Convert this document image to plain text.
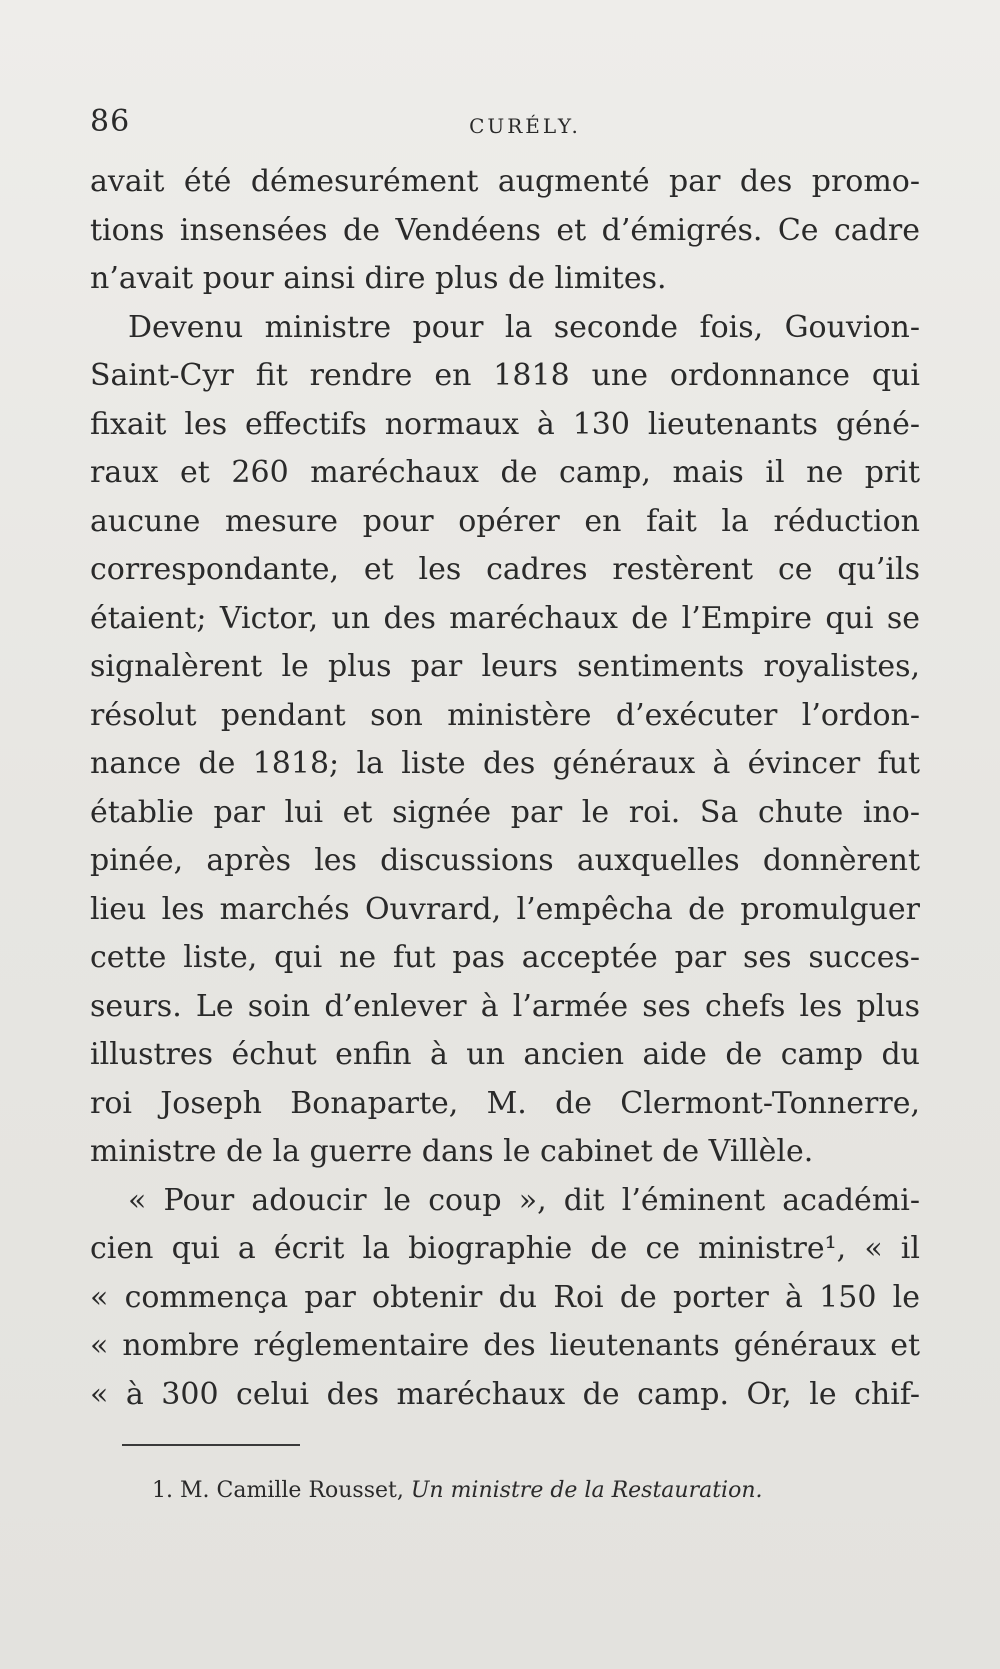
86	CURÉLY.
avait été démesurément augmenté par des promo-
tions insensées de Vendéens et d’émigrés. Ce cadre
n’avait pour ainsi dire plus de limites.
Devenu ministre pour la seconde fois, Gouvion-
Saint-Cyr fit rendre en 1818 une ordonnance qui
fixait les effectifs normaux à 130 lieutenants géné-
raux et 260 maréchaux de camp, mais il ne prit
aucune mesure pour opérer en fait la réduction
correspondante, et les cadres restèrent ce qu’ils
étaient; Victor, un des maréchaux de l’Empire qui se
signalèrent le plus par leurs sentiments royalistes,
résolut pendant son ministère d’exécuter l’ordon-
nance de 1818; la liste des généraux à évincer fut
établie par lui et signée par le roi. Sa chute ino-
pinée, après les discussions auxquelles donnèrent
lieu les marchés Ouvrard, l’empêcha de promulguer
cette liste, qui ne fut pas acceptée par ses succes-
seurs. Le soin d’enlever à l’armée ses chefs les plus
illustres échut enfin à un ancien aide de camp du
roi Joseph Bonaparte, M. de Clermont-Tonnerre,
ministre de la guerre dans le cabinet de Villèle.
« Pour adoucir le coup », dit l’éminent académi-
cien qui a écrit la biographie de ce ministre¹, « il
« commença par obtenir du Roi de porter à 150 le
« nombre réglementaire des lieutenants généraux et
« à 300 celui des maréchaux de camp. Or, le chif-
1. M. Camille Rousset, Un ministre de la Restauration.
